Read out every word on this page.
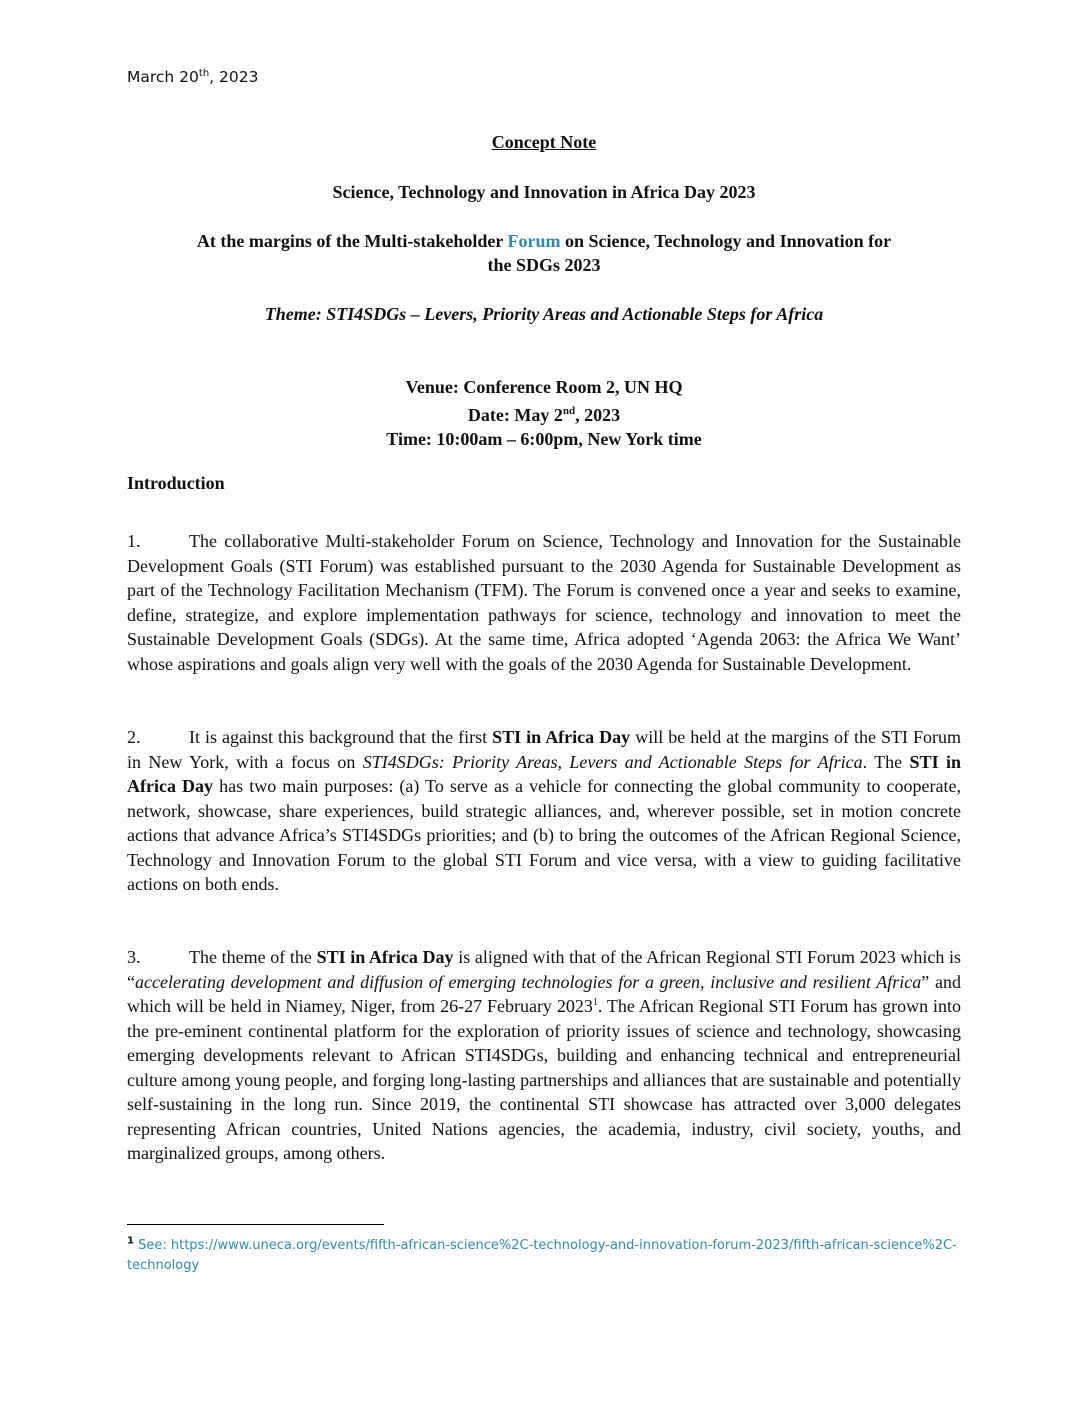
March 20th, 2023
Concept Note
Science, Technology and Innovation in Africa Day 2023
At the margins of the Multi-stakeholder Forum on Science, Technology and Innovation for
the SDGs 2023
Theme: STI4SDGs – Levers, Priority Areas and Actionable Steps for Africa
Venue: Conference Room 2, UN HQ
Date: May 2nd, 2023
Time: 10:00am – 6:00pm, New York time
Introduction
1.	The collaborative Multi-stakeholder Forum on Science, Technology and Innovation for the Sustainable Development Goals (STI Forum) was established pursuant to the 2030 Agenda for Sustainable Development as part of the Technology Facilitation Mechanism (TFM). The Forum is convened once a year and seeks to examine, define, strategize, and explore implementation pathways for science, technology and innovation to meet the Sustainable Development Goals (SDGs). At the same time, Africa adopted ‘Agenda 2063: the Africa We Want’ whose aspirations and goals align very well with the goals of the 2030 Agenda for Sustainable Development.
2.	It is against this background that the first STI in Africa Day will be held at the margins of the STI Forum in New York, with a focus on STI4SDGs: Priority Areas, Levers and Actionable Steps for Africa. The STI in Africa Day has two main purposes: (a) To serve as a vehicle for connecting the global community to cooperate, network, showcase, share experiences, build strategic alliances, and, wherever possible, set in motion concrete actions that advance Africa’s STI4SDGs priorities; and (b) to bring the outcomes of the African Regional Science, Technology and Innovation Forum to the global STI Forum and vice versa, with a view to guiding facilitative actions on both ends.
3.	The theme of the STI in Africa Day is aligned with that of the African Regional STI Forum 2023 which is “accelerating development and diffusion of emerging technologies for a green, inclusive and resilient Africa” and which will be held in Niamey, Niger, from 26-27 February 2023$^1$. The African Regional STI Forum has grown into the pre-eminent continental platform for the exploration of priority issues of science and technology, showcasing emerging developments relevant to African STI4SDGs, building and enhancing technical and entrepreneurial culture among young people, and forging long-lasting partnerships and alliances that are sustainable and potentially self-sustaining in the long run. Since 2019, the continental STI showcase has attracted over 3,000 delegates representing African countries, United Nations agencies, the academia, industry, civil society, youths, and marginalized groups, among others.
$^1$ See: https://www.uneca.org/events/fifth-african-science%2C-technology-and-innovation-forum-2023/fifth-african-science%2C-technology
